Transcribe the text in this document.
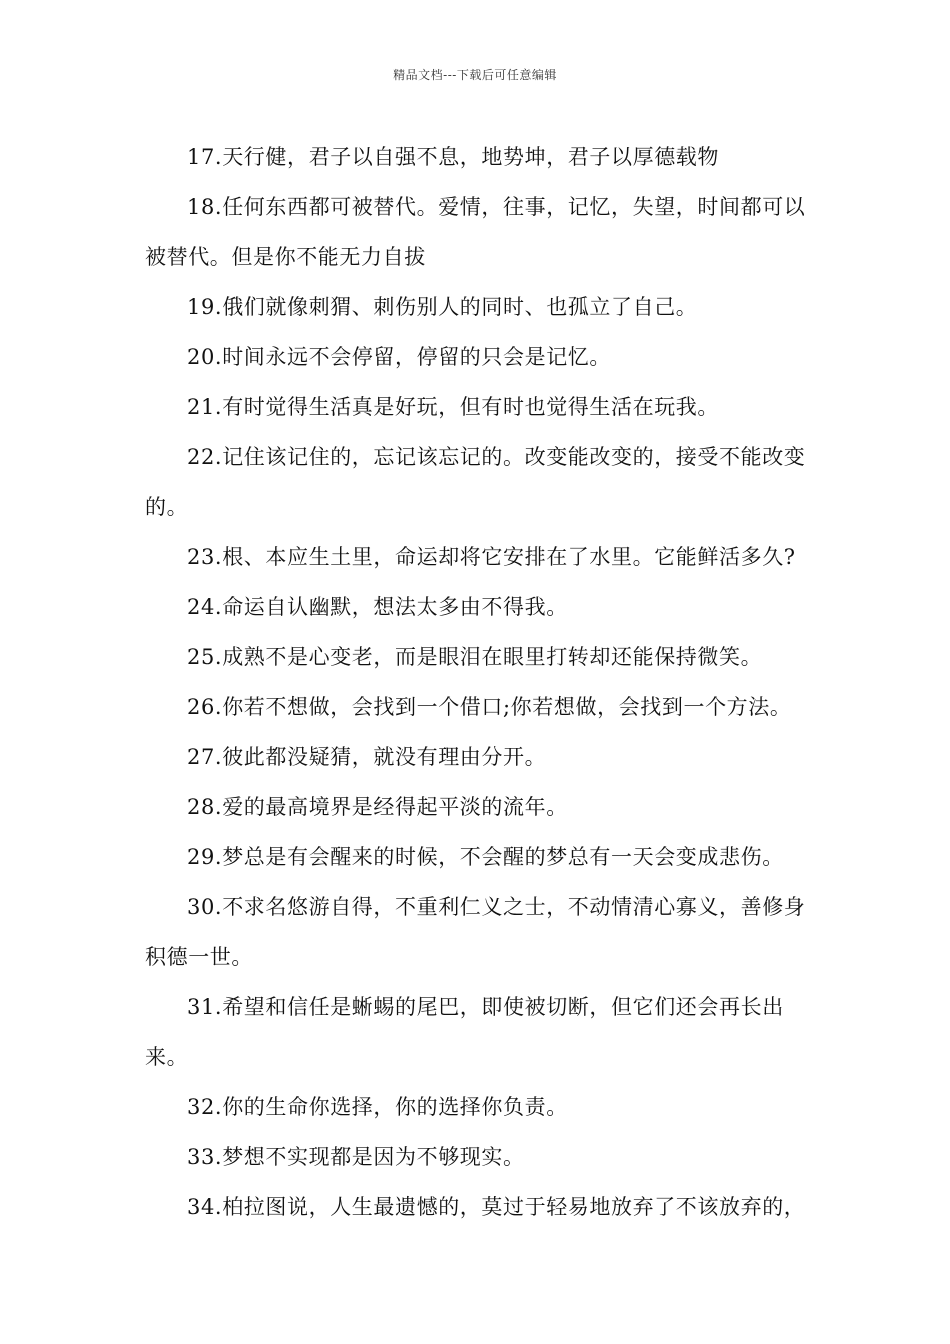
精品文档---下载后可任意编辑

17.天行健，君子以自强不息，地势坤，君子以厚德载物

18.任何东西都可被替代。爱情，往事，记忆，失望，时间都可以被替代。但是你不能无力自拔

19.俄们就像刺猬、刺伤别人的同时、也孤立了自己。

20.时间永远不会停留，停留的只会是记忆。

21.有时觉得生活真是好玩，但有时也觉得生活在玩我。

22.记住该记住的，忘记该忘记的。改变能改变的，接受不能改变的。

23.根、本应生土里，命运却将它安排在了水里。它能鲜活多久?

24.命运自认幽默，想法太多由不得我。

25.成熟不是心变老，而是眼泪在眼里打转却还能保持微笑。

26.你若不想做，会找到一个借口;你若想做，会找到一个方法。

27.彼此都没疑猜，就没有理由分开。

28.爱的最高境界是经得起平淡的流年。

29.梦总是有会醒来的时候，不会醒的梦总有一天会变成悲伤。

30.不求名悠游自得，不重利仁义之士，不动情清心寡义，善修身积德一世。

31.希望和信任是蜥蜴的尾巴，即使被切断，但它们还会再长出来。

32.你的生命你选择，你的选择你负责。

33.梦想不实现都是因为不够现实。

34.柏拉图说，人生最遗憾的，莫过于轻易地放弃了不该放弃的，
